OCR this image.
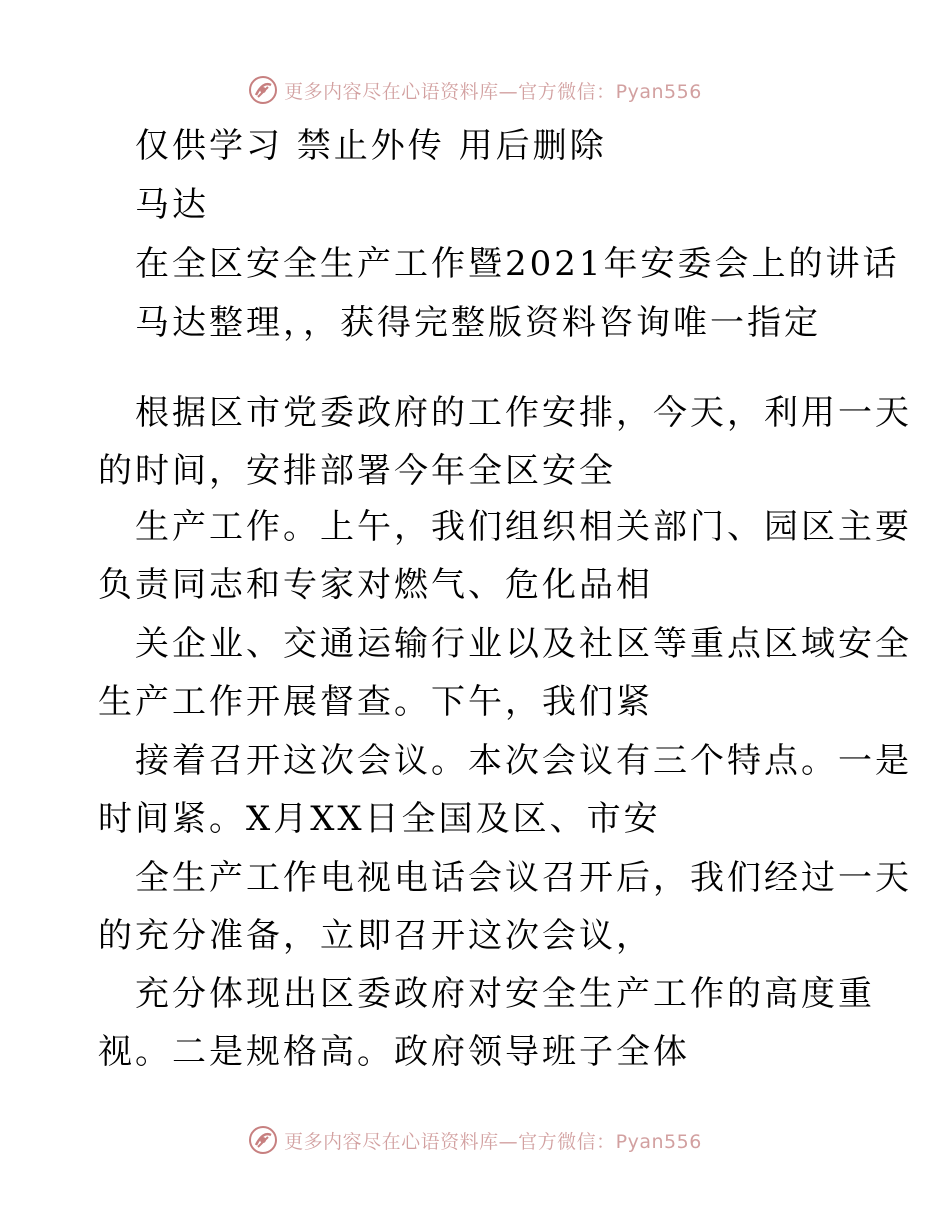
更多内容尽在心语资料库—官方微信：Pyan556
仅供学习 禁止外传 用后删除
马达
在全区安全生产工作暨2021年安委会上的讲话
马达整理，，获得完整版资料咨询唯一指定
根据区市党委政府的工作安排，今天，利用一天
的时间，安排部署今年全区安全
生产工作。上午，我们组织相关部门、园区主要
负责同志和专家对燃气、危化品相
关企业、交通运输行业以及社区等重点区域安全
生产工作开展督查。下午，我们紧
接着召开这次会议。本次会议有三个特点。一是
时间紧。X月XX日全国及区、市安
全生产工作电视电话会议召开后，我们经过一天
的充分准备，立即召开这次会议，
充分体现出区委政府对安全生产工作的高度重
视。二是规格高。政府领导班子全体
更多内容尽在心语资料库—官方微信：Pyan556
